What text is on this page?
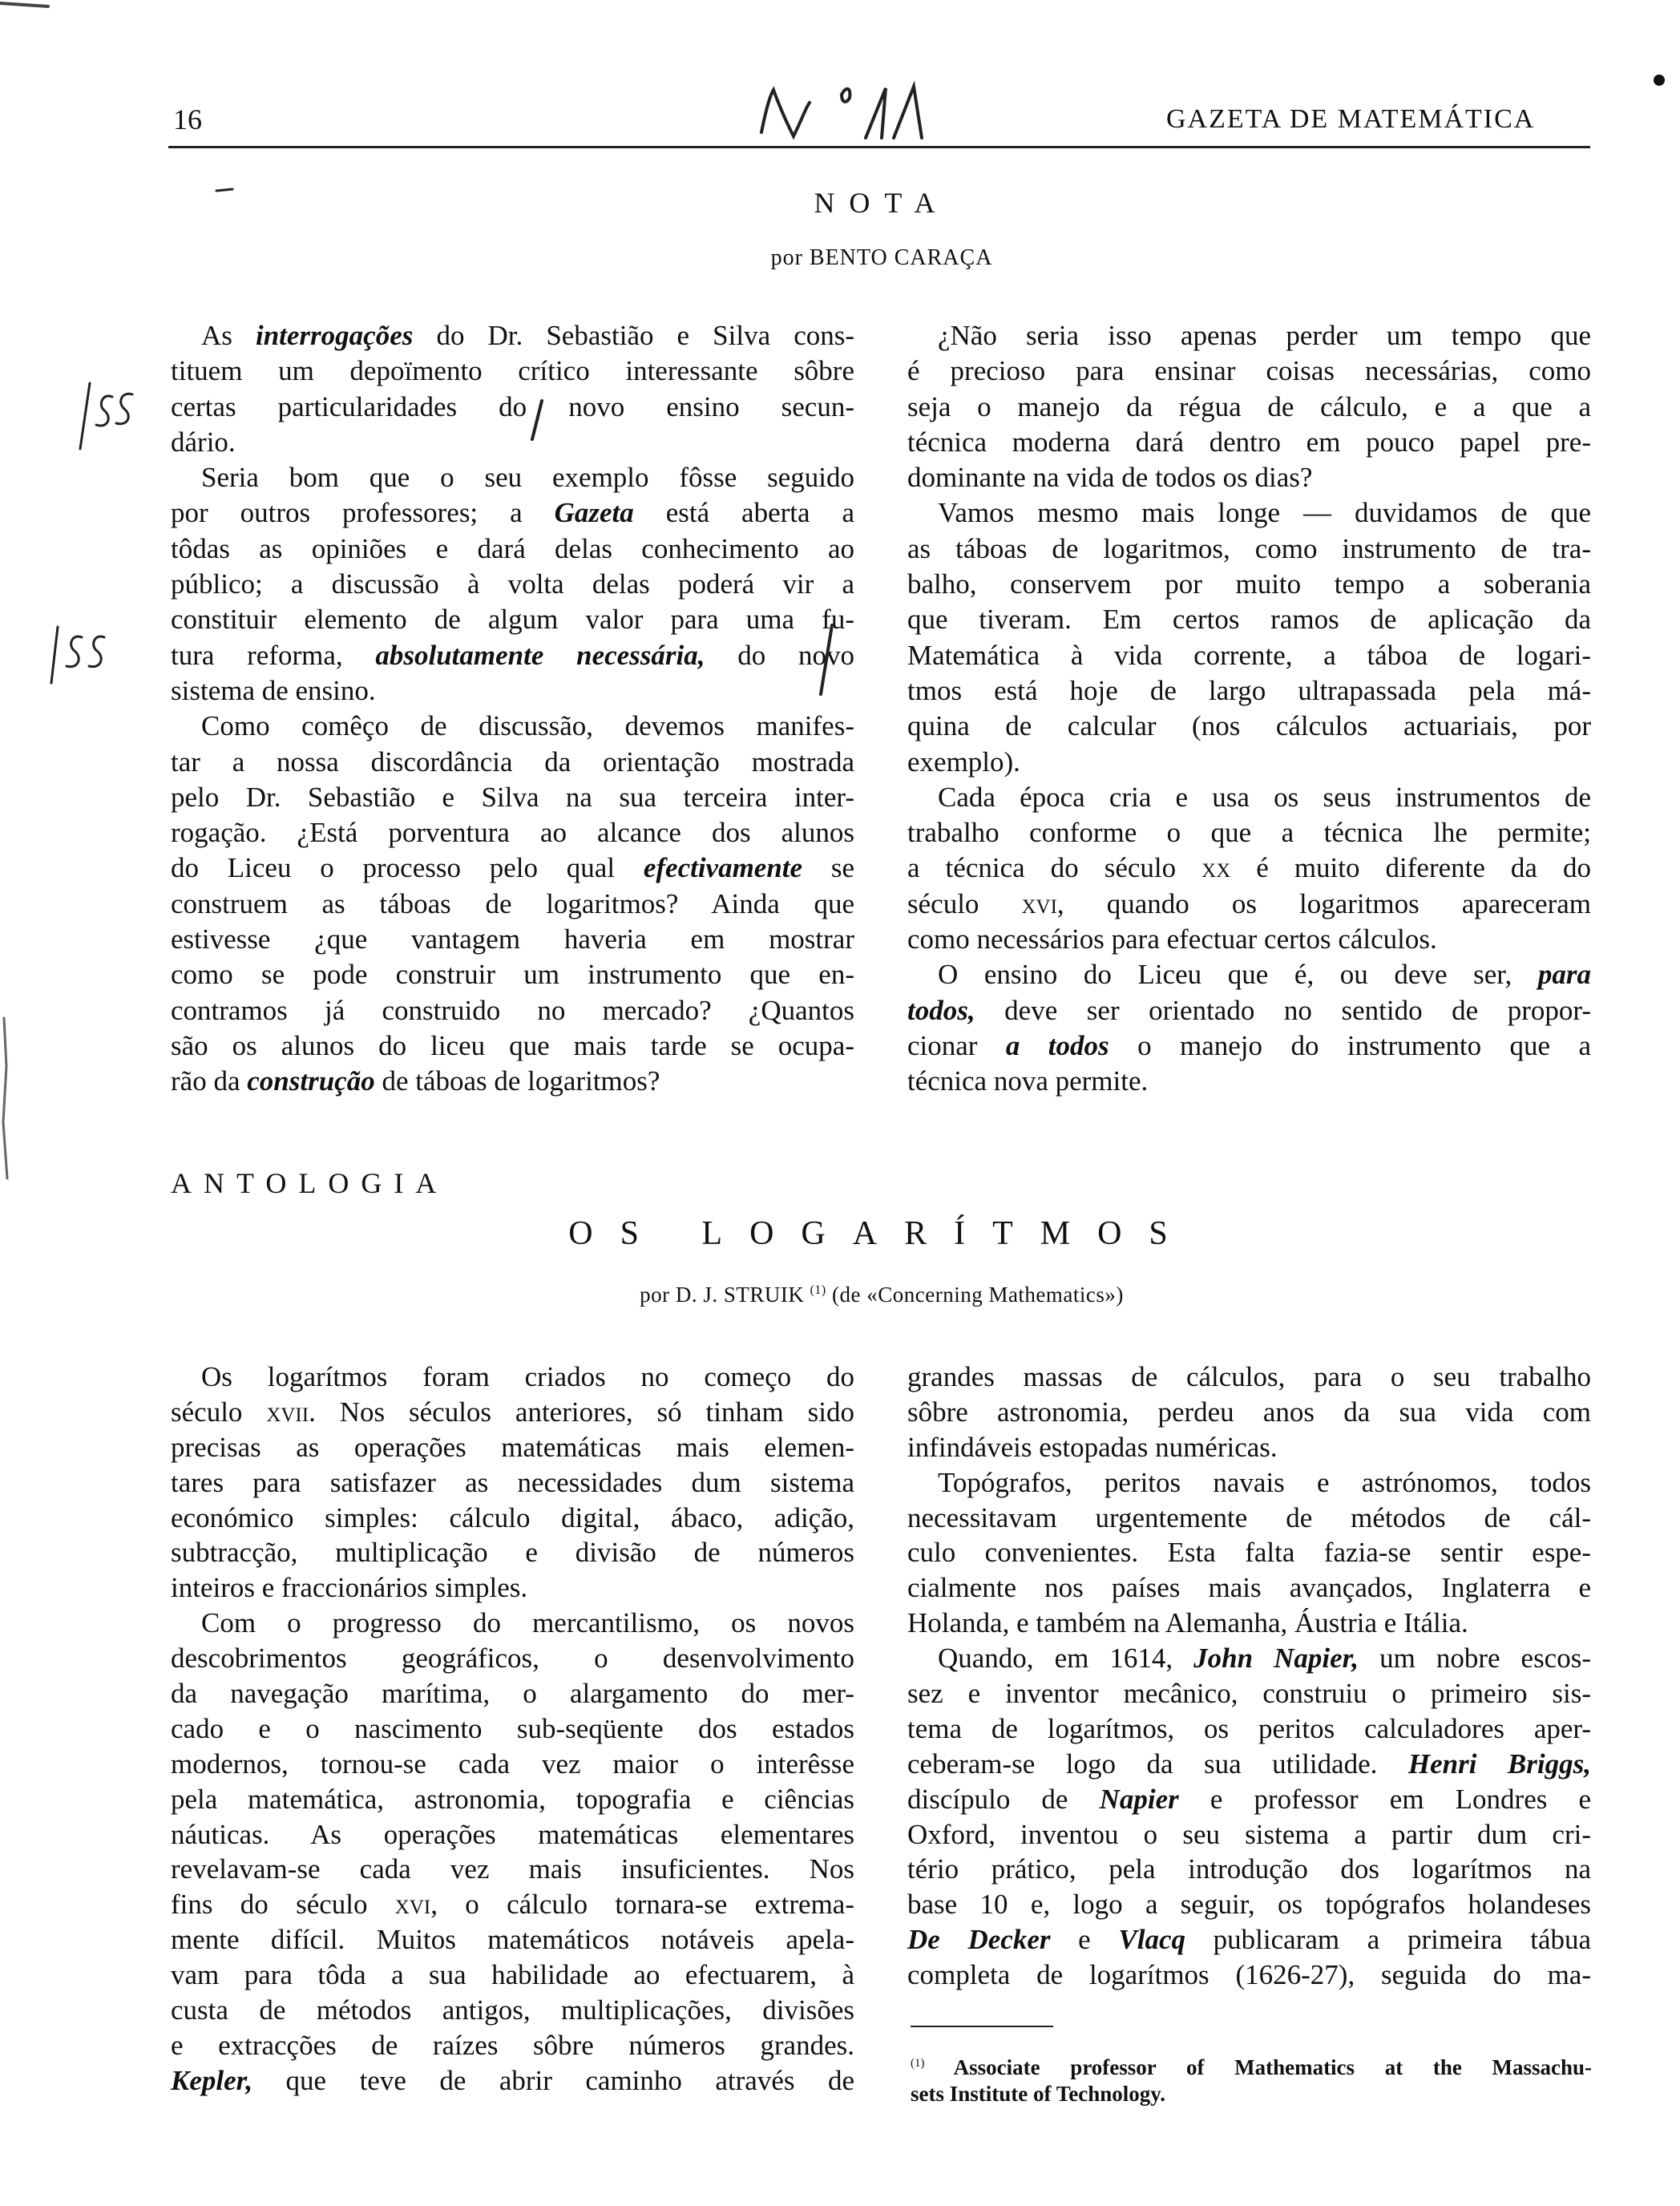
16	GAZETA DE MATEMÁTICA
NOTA
por BENTO CARAÇA
As interrogações do Dr. Sebastião e Silva cons-
tituem um depoïmento crítico interessante sôbre
certas particularidades do novo ensino secun-
dário.
Seria bom que o seu exemplo fôsse seguido
por outros professores; a Gazeta está aberta a
tôdas as opiniões e dará delas conhecimento ao
público; a discussão à volta delas poderá vir a
constituir elemento de algum valor para uma fu-
tura reforma, absolutamente necessária, do novo
sistema de ensino.
Como comêço de discussão, devemos manifes-
tar a nossa discordância da orientação mostrada
pelo Dr. Sebastião e Silva na sua terceira inter-
rogação. ¿Está porventura ao alcance dos alunos
do Liceu o processo pelo qual efectivamente se
construem as táboas de logaritmos? Ainda que
estivesse ¿que vantagem haveria em mostrar
como se pode construir um instrumento que en-
contramos já construido no mercado? ¿Quantos
são os alunos do liceu que mais tarde se ocupa-
rão da construção de táboas de logaritmos?
¿Não seria isso apenas perder um tempo que
é precioso para ensinar coisas necessárias, como
seja o manejo da régua de cálculo, e a que a
técnica moderna dará dentro em pouco papel pre-
dominante na vida de todos os dias?
Vamos mesmo mais longe — duvidamos de que
as táboas de logaritmos, como instrumento de tra-
balho, conservem por muito tempo a soberania
que tiveram. Em certos ramos de aplicação da
Matemática à vida corrente, a táboa de logari-
tmos está hoje de largo ultrapassada pela má-
quina de calcular (nos cálculos actuariais, por
exemplo).
Cada época cria e usa os seus instrumentos de
trabalho conforme o que a técnica lhe permite;
a técnica do século xx é muito diferente da do
século xvi, quando os logaritmos apareceram
como necessários para efectuar certos cálculos.
O ensino do Liceu que é, ou deve ser, para
todos, deve ser orientado no sentido de propor-
cionar a todos o manejo do instrumento que a
técnica nova permite.
ANTOLOGIA
OS LOGARÍTMOS
por D. J. STRUIK $^{(1)}$ (de «Concerning Mathematics»)
Os logarítmos foram criados no começo do
século xvii. Nos séculos anteriores, só tinham sido
precisas as operações matemáticas mais elemen-
tares para satisfazer as necessidades dum sistema
económico simples: cálculo digital, ábaco, adição,
subtracção, multiplicação e divisão de números
inteiros e fraccionários simples.
Com o progresso do mercantilismo, os novos
descobrimentos geográficos, o desenvolvimento
da navegação marítima, o alargamento do mer-
cado e o nascimento sub-seqüente dos estados
modernos, tornou-se cada vez maior o interêsse
pela matemática, astronomia, topografia e ciências
náuticas. As operações matemáticas elementares
revelavam-se cada vez mais insuficientes. Nos
fins do século xvi, o cálculo tornara-se extrema-
mente difícil. Muitos matemáticos notáveis apela-
vam para tôda a sua habilidade ao efectuarem, à
custa de métodos antigos, multiplicações, divisões
e extracções de raízes sôbre números grandes.
Kepler, que teve de abrir caminho através de
grandes massas de cálculos, para o seu trabalho
sôbre astronomia, perdeu anos da sua vida com
infindáveis estopadas numéricas.
Topógrafos, peritos navais e astrónomos, todos
necessitavam urgentemente de métodos de cál-
culo convenientes. Esta falta fazia-se sentir espe-
cialmente nos países mais avançados, Inglaterra e
Holanda, e também na Alemanha, Áustria e Itália.
Quando, em 1614, John Napier, um nobre escos-
sez e inventor mecânico, construiu o primeiro sis-
tema de logarítmos, os peritos calculadores aper-
ceberam-se logo da sua utilidade. Henri Briggs,
discípulo de Napier e professor em Londres e
Oxford, inventou o seu sistema a partir dum cri-
tério prático, pela introdução dos logarítmos na
base 10 e, logo a seguir, os topógrafos holandeses
De Decker e Vlacq publicaram a primeira tábua
completa de logarítmos (1626-27), seguida do ma-
$^{(1)}$ Associate professor of Mathematics at the Massachu-
sets Institute of Technology.
